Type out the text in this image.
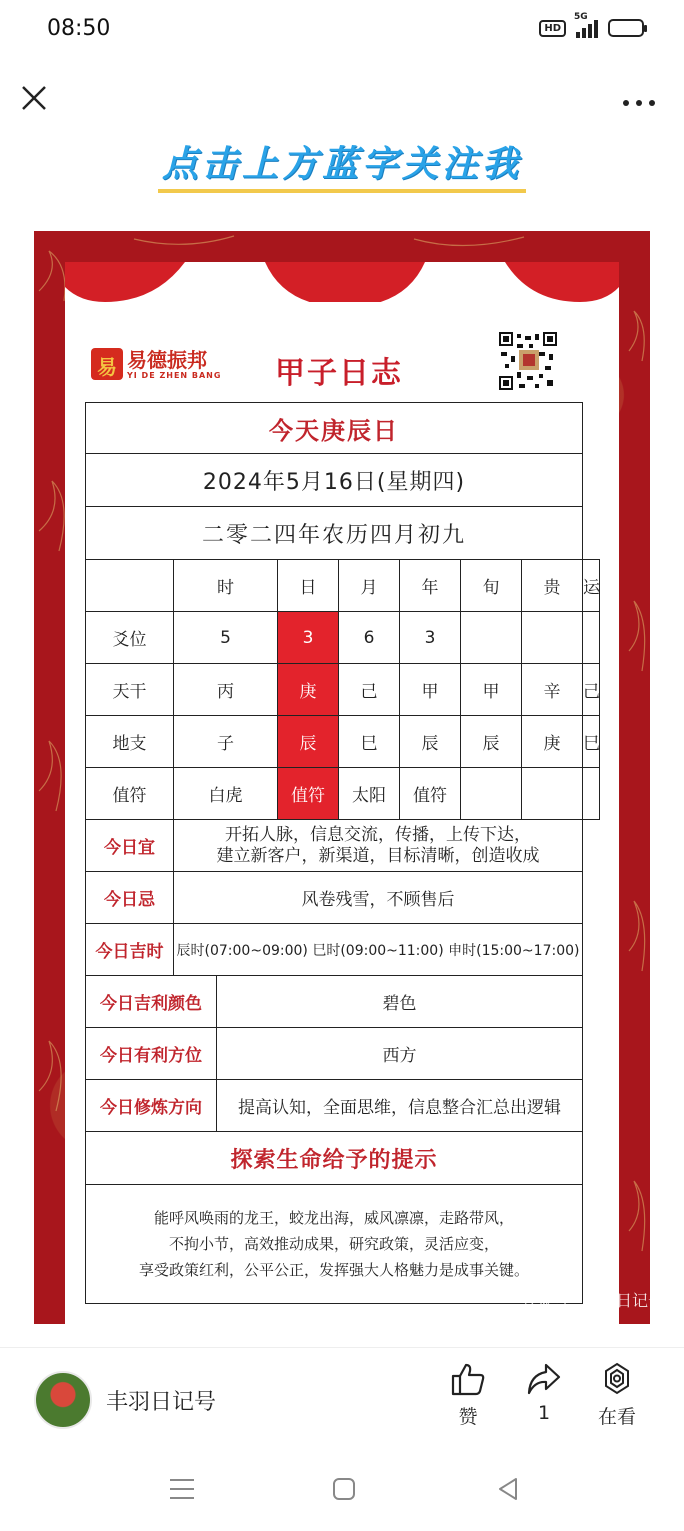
08:50	HD
5G
点击上方蓝字关注我
易
易德振邦
YI DE ZHEN BANG 甲子日志
今天庚辰日								
2024年5月16日(星期四)								
二零二四年农历四月初九								
	时		日	月	年	旬	贵	运
爻位	5		3	6	3			
天干	丙		庚	己	甲	甲	辛	己
地支	子		辰	巳	辰	辰	庚	巳
值符	白虎		值符	太阳	值符			
今日宜	开拓人脉，信息交流，传播，上传下达，
建立新客户，新渠道，目标清晰，创造收成							

今日忌	风卷残雪，不顾售后							
今日吉时	辰时(07:00~09:00) 巳时(09:00~11:00) 申时(15:00~17:00)							
今日吉利颜色		碧色						
今日有利方位		西方						
今日修炼方向		提高认知，全面思维，信息整合汇总出逻辑						
探索生命给予的提示								

能呼风唤雨的龙王，蛟龙出海，威风凛凛，走路带风，
不拘小节，高效推动成果，研究政策，灵活应变，
享受政策红利，公平公正，发挥强大人格魅力是成事关键。								
公众号 · 丰羽日记号
丰羽日记号
赞	1	在看
